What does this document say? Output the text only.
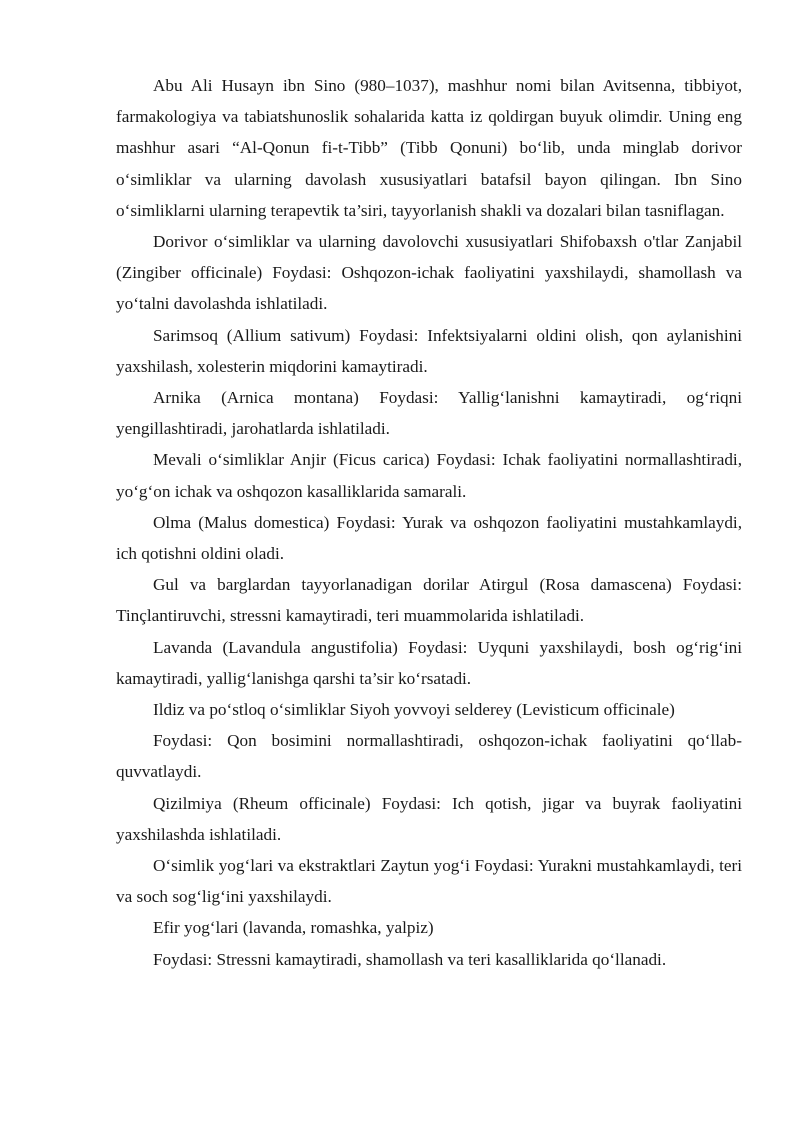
Abu Ali Husayn ibn Sino (980–1037), mashhur nomi bilan Avitsenna, tibbiyot, farmakologiya va tabiatshunoslik sohalarida katta iz qoldirgan buyuk olimdir. Uning eng mashhur asari “Al-Qonun fi-t-Tibb” (Tibb Qonuni) bo‘lib, unda minglab dorivor o‘simliklar va ularning davolash xususiyatlari batafsil bayon qilingan. Ibn Sino o‘simliklarni ularning terapevtik ta’siri, tayyorlanish shakli va dozalari bilan tasniflagan.

Dorivor o‘simliklar va ularning davolovchi xususiyatlari Shifobaxsh o'tlar Zanjabil (Zingiber officinale) Foydasi: Oshqozon-ichak faoliyatini yaxshilaydi, shamollash va yo‘talni davolashda ishlatiladi.

Sarimsoq (Allium sativum) Foydasi: Infektsiyalarni oldini olish, qon aylanishini yaxshilash, xolesterin miqdorini kamaytiradi.

Arnika (Arnica montana) Foydasi: Yallig‘lanishni kamaytiradi, og‘riqni yengillashtiradi, jarohatlarda ishlatiladi.

Mevali o‘simliklar Anjir (Ficus carica) Foydasi: Ichak faoliyatini normallashtiradi, yo‘g‘on ichak va oshqozon kasalliklarida samarali.

Olma (Malus domestica) Foydasi: Yurak va oshqozon faoliyatini mustahkamlaydi, ich qotishni oldini oladi.

Gul va barglardan tayyorlanadigan dorilar Atirgul (Rosa damascena) Foydasi: Tinçlantiruvchi, stressni kamaytiradi, teri muammolarida ishlatiladi.

Lavanda (Lavandula angustifolia) Foydasi: Uyquni yaxshilaydi, bosh og‘rig‘ini kamaytiradi, yallig‘lanishga qarshi ta’sir ko‘rsatadi.

Ildiz va po‘stloq o‘simliklar Siyoh yovvoyi selderey (Levisticum officinale)

Foydasi: Qon bosimini normallashtiradi, oshqozon-ichak faoliyatini qo‘llab-quvvatlaydi.

Qizilmiya (Rheum officinale) Foydasi: Ich qotish, jigar va buyrak faoliyatini yaxshilashda ishlatiladi.

O‘simlik yog‘lari va ekstraktlari Zaytun yog‘i Foydasi: Yurakni mustahkamlaydi, teri va soch sog‘lig‘ini yaxshilaydi.

Efir yog‘lari (lavanda, romashka, yalpiz)

Foydasi: Stressni kamaytiradi, shamollash va teri kasalliklarida qo‘llanadi.
